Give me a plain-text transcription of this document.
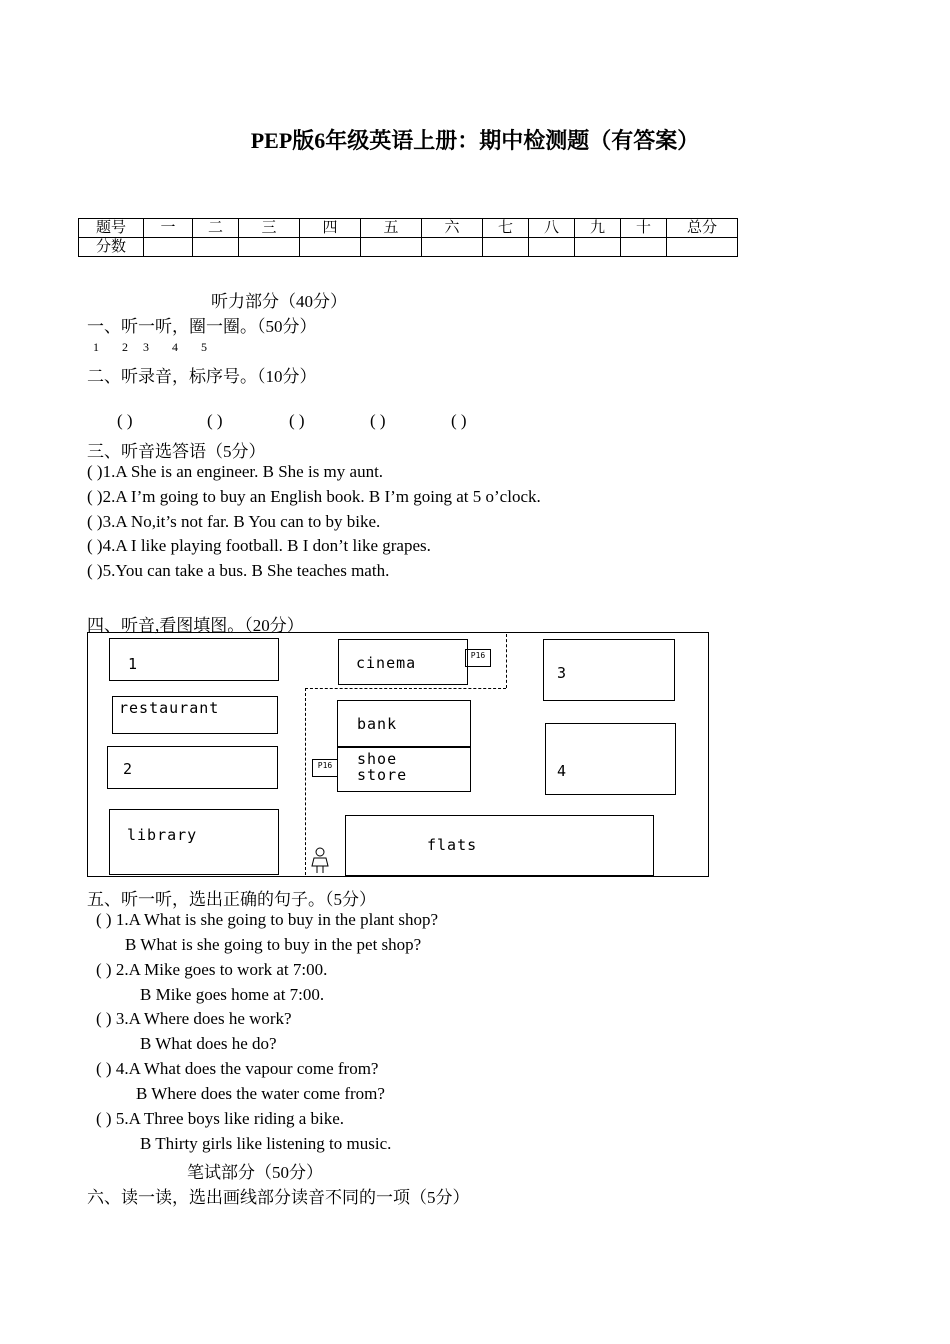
PEP版6年级英语上册：期中检测题（有答案）
题号	一	二	三	四	五	六	七	八	九	十	总分
分数											
听力部分（40分）
一、听一听，圈一圈。（50分）
1 2 3 4 5
二、听录音，标序号。（10分）
( )	( )	( )	( )	( )
三、听音选答语（5分）
( )1.A She is an engineer. B She is my aunt.
( )2.A I’m going to buy an English book. B I’m going at 5 o’clock.
( )3.A No,it’s not far. B You can to by bike.
( )4.A I like playing football. B I don’t like grapes.
( )5.You can take a bus. B She teaches math.
四、听音,看图填图。（20分）
1
restaurant
2
library
cinema	P16
bank
shoe
store
P16
flats
3
4
五、听一听，选出正确的句子。（5分）
( ) 1.A What is she going to buy in the plant shop?
B What is she going to buy in the pet shop?
( ) 2.A Mike goes to work at 7:00.
B Mike goes home at 7:00.
( ) 3.A Where does he work?
B What does he do?
( ) 4.A What does the vapour come from?
B Where does the water come from?
( ) 5.A Three boys like riding a bike.
B Thirty girls like listening to music.
笔试部分（50分）
六、读一读，选出画线部分读音不同的一项（5分）
